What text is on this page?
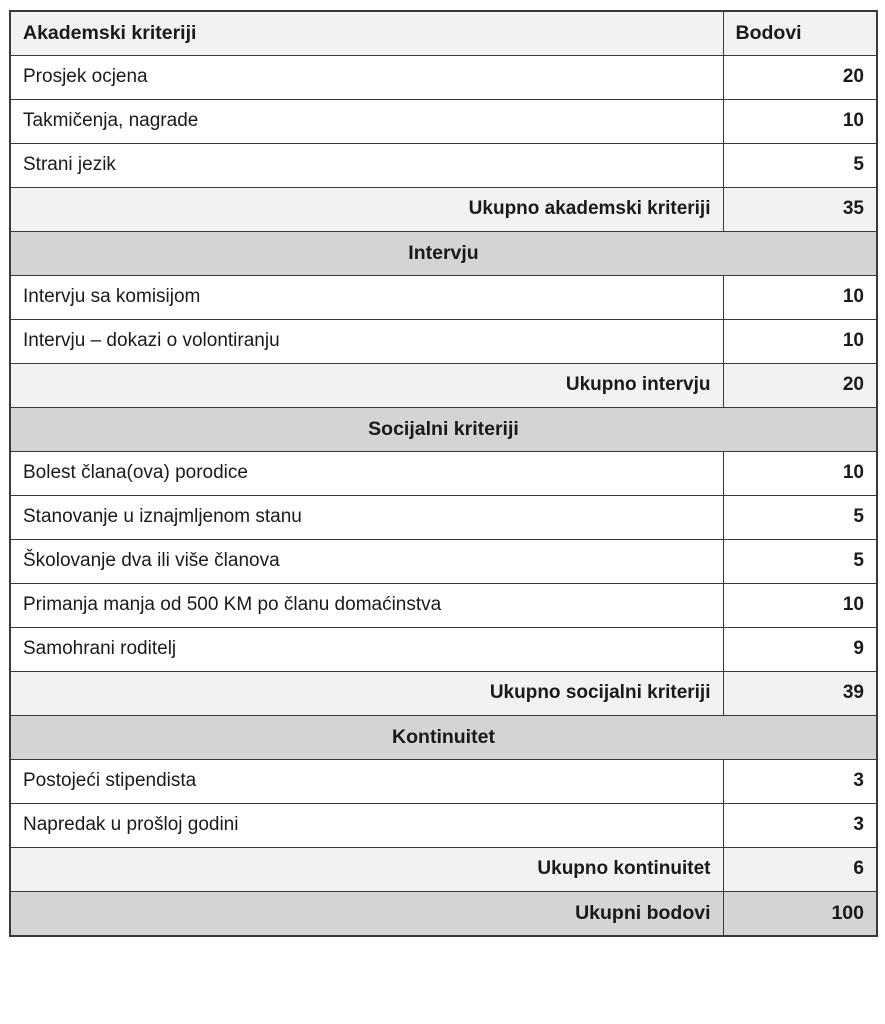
Akademski kriteriji	Bodovi
Prosjek ocjena	20
Takmičenja, nagrade	10
Strani jezik	5
Ukupno akademski kriteriji	35
Intervju	
Intervju sa komisijom	10
Intervju – dokazi o volontiranju	10
Ukupno intervju	20
Socijalni kriteriji	
Bolest člana(ova) porodice	10
Stanovanje u iznajmljenom stanu	5
Školovanje dva ili više članova	5
Primanja manja od 500 KM po članu domaćinstva	10
Samohrani roditelj	9
Ukupno socijalni kriteriji	39
Kontinuitet	
Postojeći stipendista	3
Napredak u prošloj godini	3
Ukupno kontinuitet	6
Ukupni bodovi	100
